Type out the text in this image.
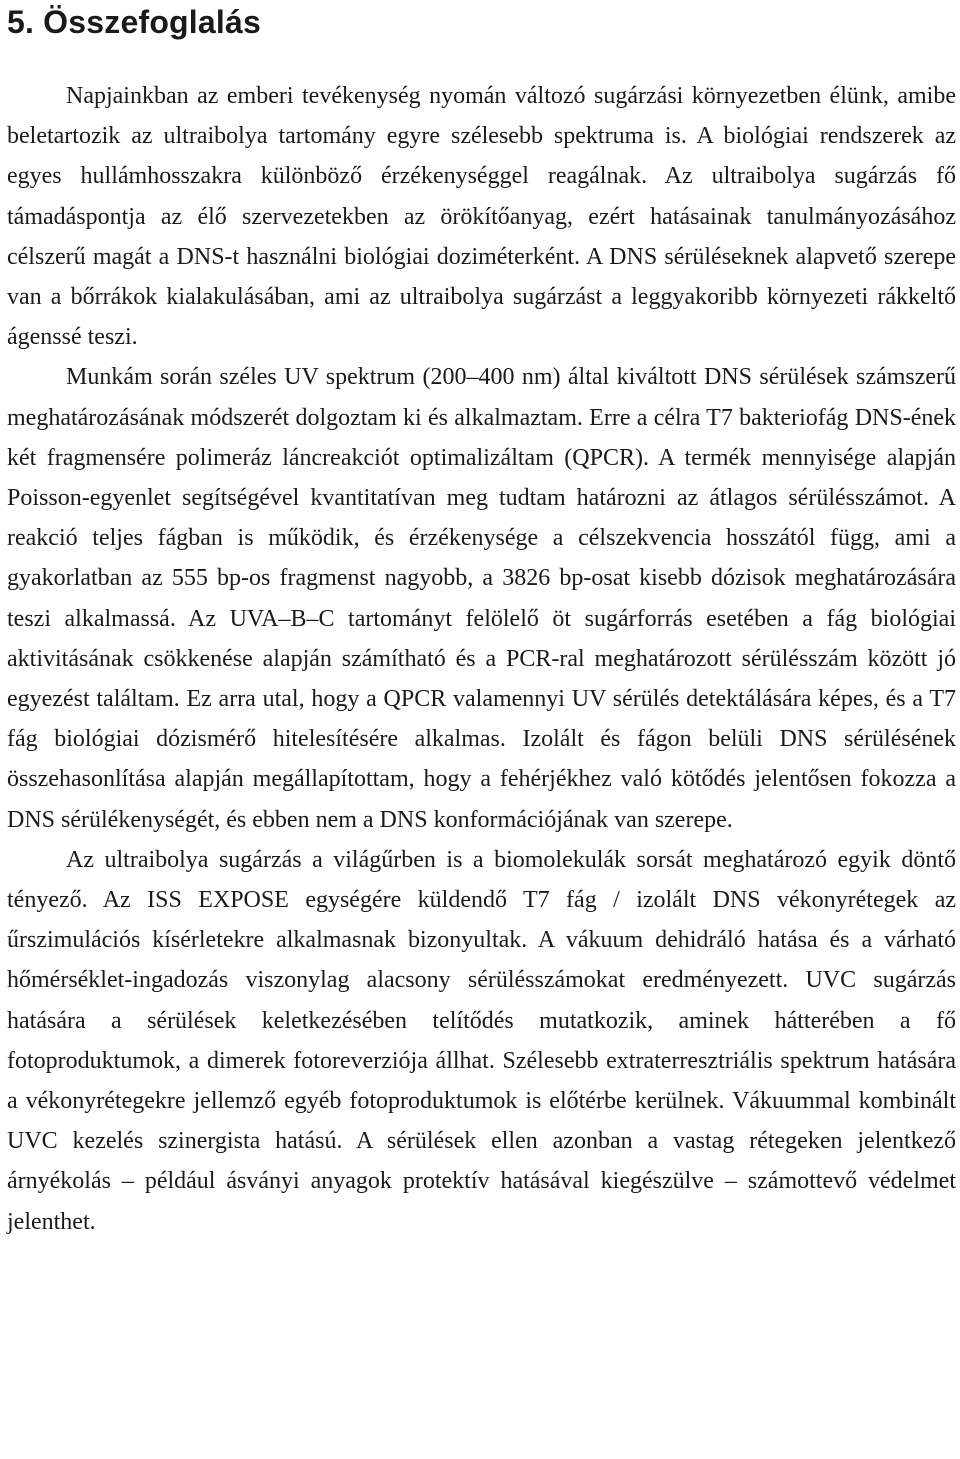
5. Összefoglalás

Napjainkban az emberi tevékenység nyomán változó sugárzási környezetben élünk, amibe beletartozik az ultraibolya tartomány egyre szélesebb spektruma is. A biológiai rendszerek az egyes hullámhosszakra különböző érzékenységgel reagálnak. Az ultraibolya sugárzás fő támadáspontja az élő szervezetekben az örökítőanyag, ezért hatásainak tanulmányozásához célszerű magát a DNS-t használni biológiai doziméterként. A DNS sérüléseknek alapvető szerepe van a bőrrákok kialakulásában, ami az ultraibolya sugárzást a leggyakoribb környezeti rákkeltő ágenssé teszi.

Munkám során széles UV spektrum (200–400 nm) által kiváltott DNS sérülések számszerű meghatározásának módszerét dolgoztam ki és alkalmaztam. Erre a célra T7 bakteriofág DNS-ének két fragmensére polimeráz láncreakciót optimalizáltam (QPCR). A termék mennyisége alapján Poisson-egyenlet segítségével kvantitatívan meg tudtam határozni az átlagos sérülésszámot. A reakció teljes fágban is működik, és érzékenysége a célszekvencia hosszától függ, ami a gyakorlatban az 555 bp-os fragmenst nagyobb, a 3826 bp-osat kisebb dózisok meghatározására teszi alkalmassá. Az UVA–B–C tartományt felölelő öt sugárforrás esetében a fág biológiai aktivitásának csökkenése alapján számítható és a PCR-ral meghatározott sérülésszám között jó egyezést találtam. Ez arra utal, hogy a QPCR valamennyi UV sérülés detektálására képes, és a T7 fág biológiai dózismérő hitelesítésére alkalmas. Izolált és fágon belüli DNS sérülésének összehasonlítása alapján megállapítottam, hogy a fehérjékhez való kötődés jelentősen fokozza a DNS sérülékenységét, és ebben nem a DNS konformációjának van szerepe.

Az ultraibolya sugárzás a világűrben is a biomolekulák sorsát meghatározó egyik döntő tényező. Az ISS EXPOSE egységére küldendő T7 fág / izolált DNS vékonyrétegek az űrszimulációs kísérletekre alkalmasnak bizonyultak. A vákuum dehidráló hatása és a várható hőmérséklet-ingadozás viszonylag alacsony sérülésszámokat eredményezett. UVC sugárzás hatására a sérülések keletkezésében telítődés mutatkozik, aminek hátterében a fő fotoproduktumok, a dimerek fotoreverziója állhat. Szélesebb extraterresztriális spektrum hatására a vékonyrétegekre jellemző egyéb fotoproduktumok is előtérbe kerülnek. Vákuummal kombinált UVC kezelés szinergista hatású. A sérülések ellen azonban a vastag rétegeken jelentkező árnyékolás – például ásványi anyagok protektív hatásával kiegészülve – számottevő védelmet jelenthet.
